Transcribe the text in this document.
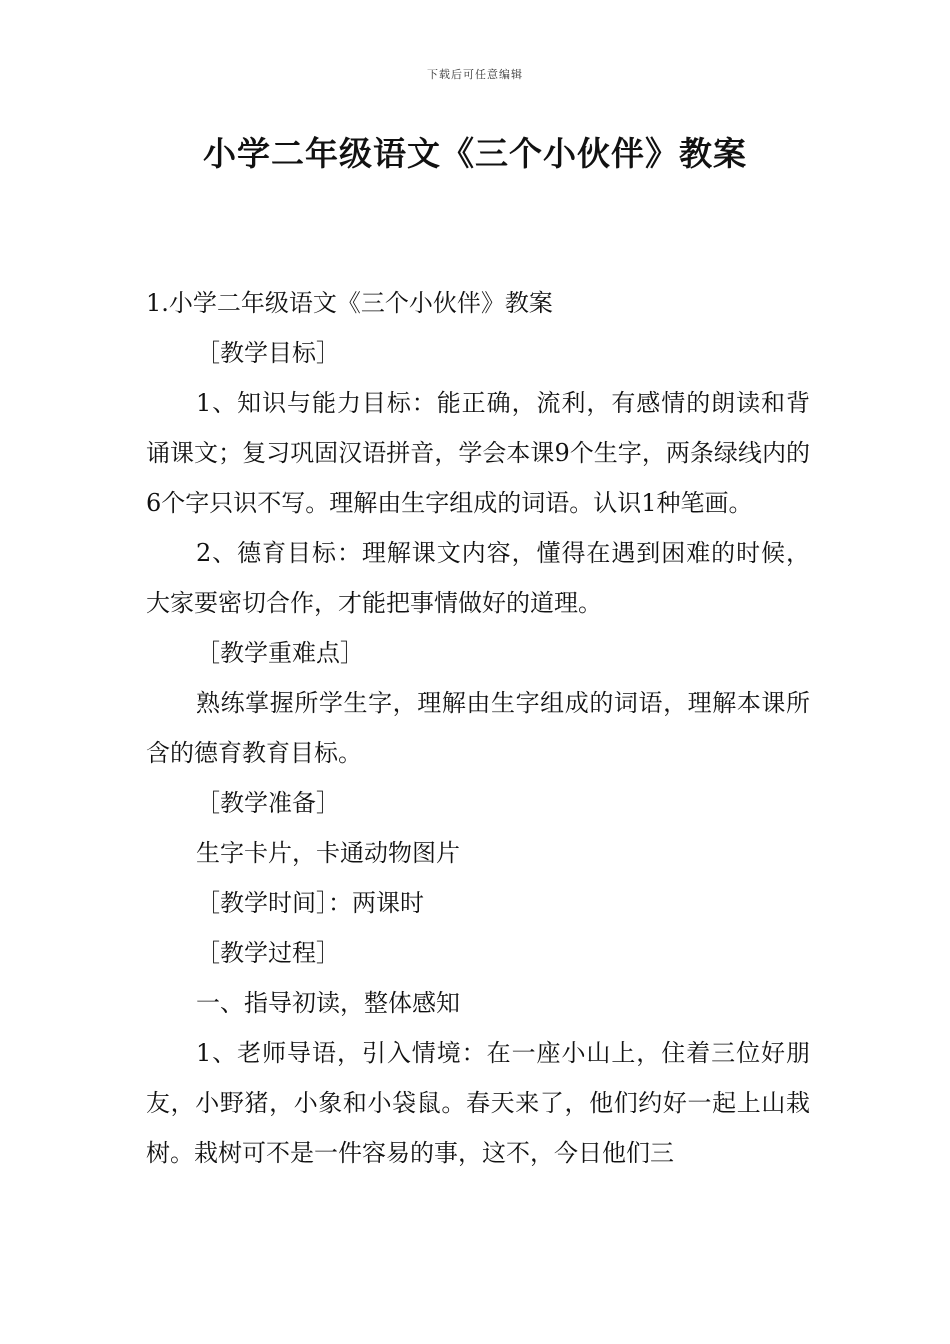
下载后可任意编辑
小学二年级语文《三个小伙伴》教案

1.小学二年级语文《三个小伙伴》教案

［教学目标］

1、知识与能力目标：能正确，流利，有感情的朗读和背诵课文；复习巩固汉语拼音，学会本课9个生字，两条绿线内的6个字只识不写。理解由生字组成的词语。认识1种笔画。

2、德育目标：理解课文内容，懂得在遇到困难的时候，大家要密切合作，才能把事情做好的道理。

［教学重难点］

熟练掌握所学生字，理解由生字组成的词语，理解本课所含的德育教育目标。

［教学准备］

生字卡片，卡通动物图片

［教学时间］：两课时

［教学过程］

一、指导初读，整体感知

1、老师导语，引入情境：在一座小山上，住着三位好朋友，小野猪，小象和小袋鼠。春天来了，他们约好一起上山栽树。栽树可不是一件容易的事，这不，今日他们三
